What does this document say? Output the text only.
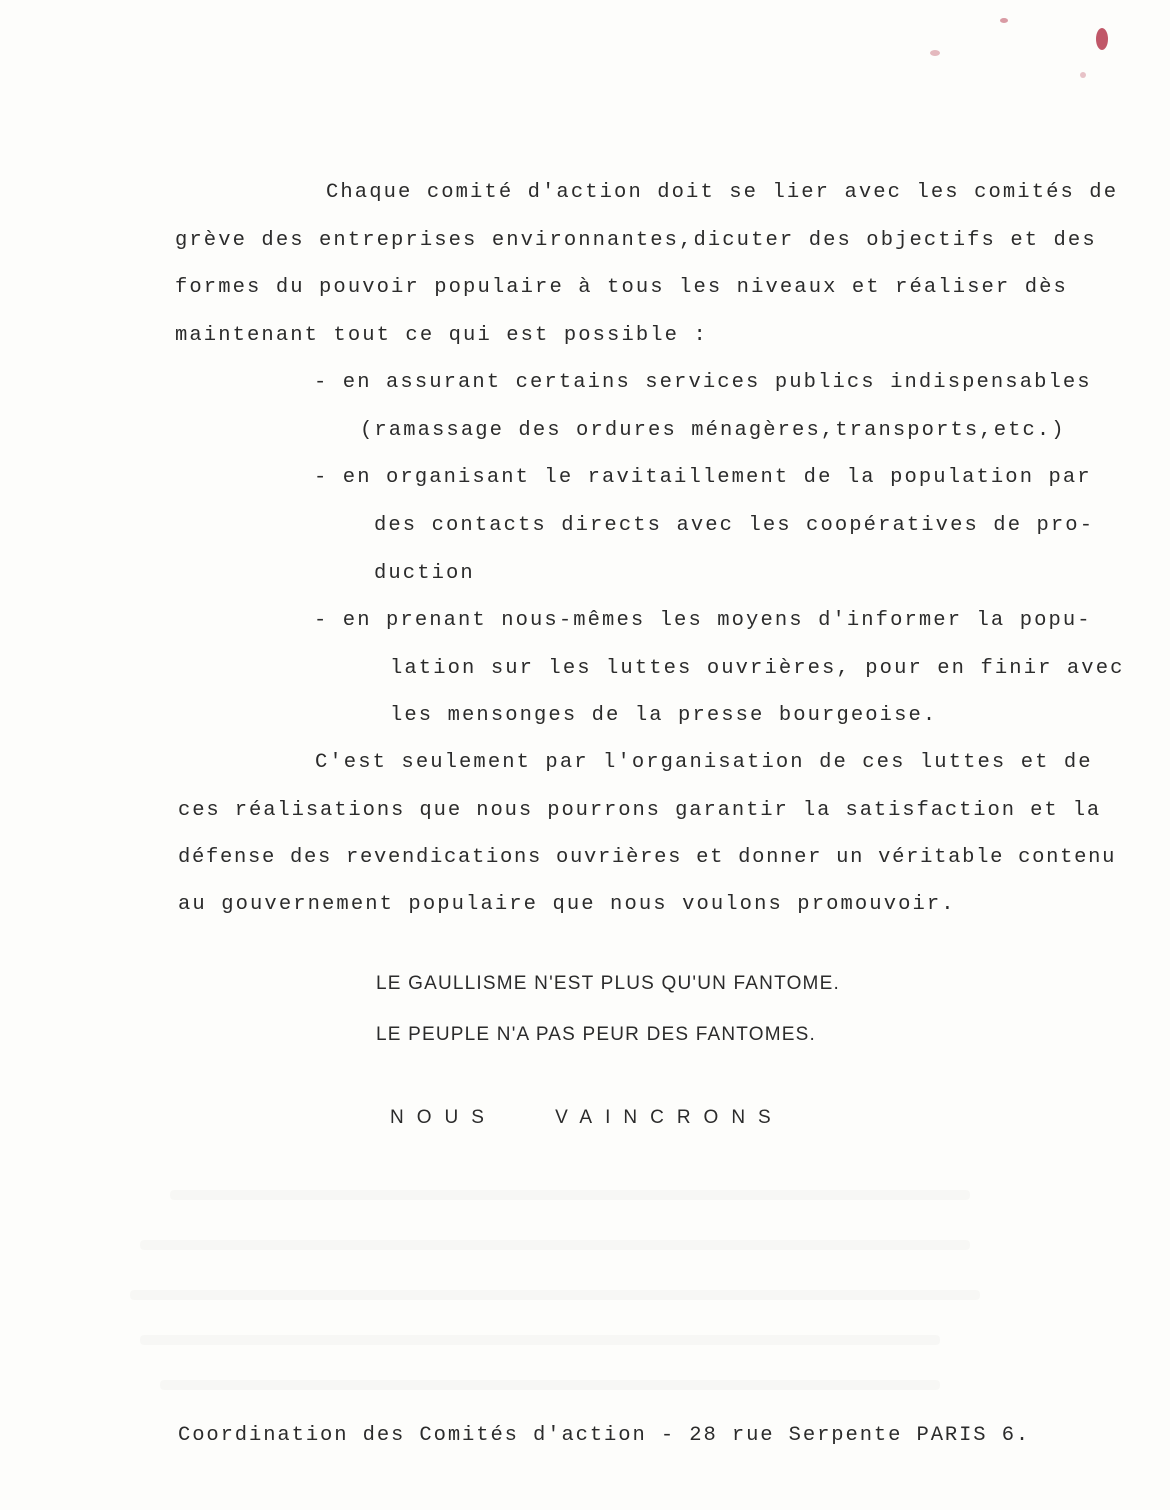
Chaque comité d'action doit se lier avec les comités de
grève des entreprises environnantes,dicuter des objectifs et des
formes du pouvoir populaire à tous les niveaux et réaliser dès
maintenant tout ce qui est possible :
- en assurant certains services publics indispensables
(ramassage des ordures ménagères,transports,etc.)
- en organisant le ravitaillement de la population par
des contacts directs avec les coopératives de pro-
duction
- en prenant nous-mêmes les moyens d'informer la popu-
lation sur les luttes ouvrières, pour en finir avec
les mensonges de la presse bourgeoise.
C'est seulement par l'organisation de ces luttes et de
ces réalisations que nous pourrons garantir la satisfaction et la
défense des revendications ouvrières et donner un véritable contenu
au gouvernement populaire que nous voulons promouvoir.
LE GAULLISME N'EST PLUS QU'UN FANTOME.
LE PEUPLE N'A PAS PEUR DES FANTOMES.
NOUS VAINCRONS
Coordination des Comités d'action - 28 rue Serpente PARIS 6.
